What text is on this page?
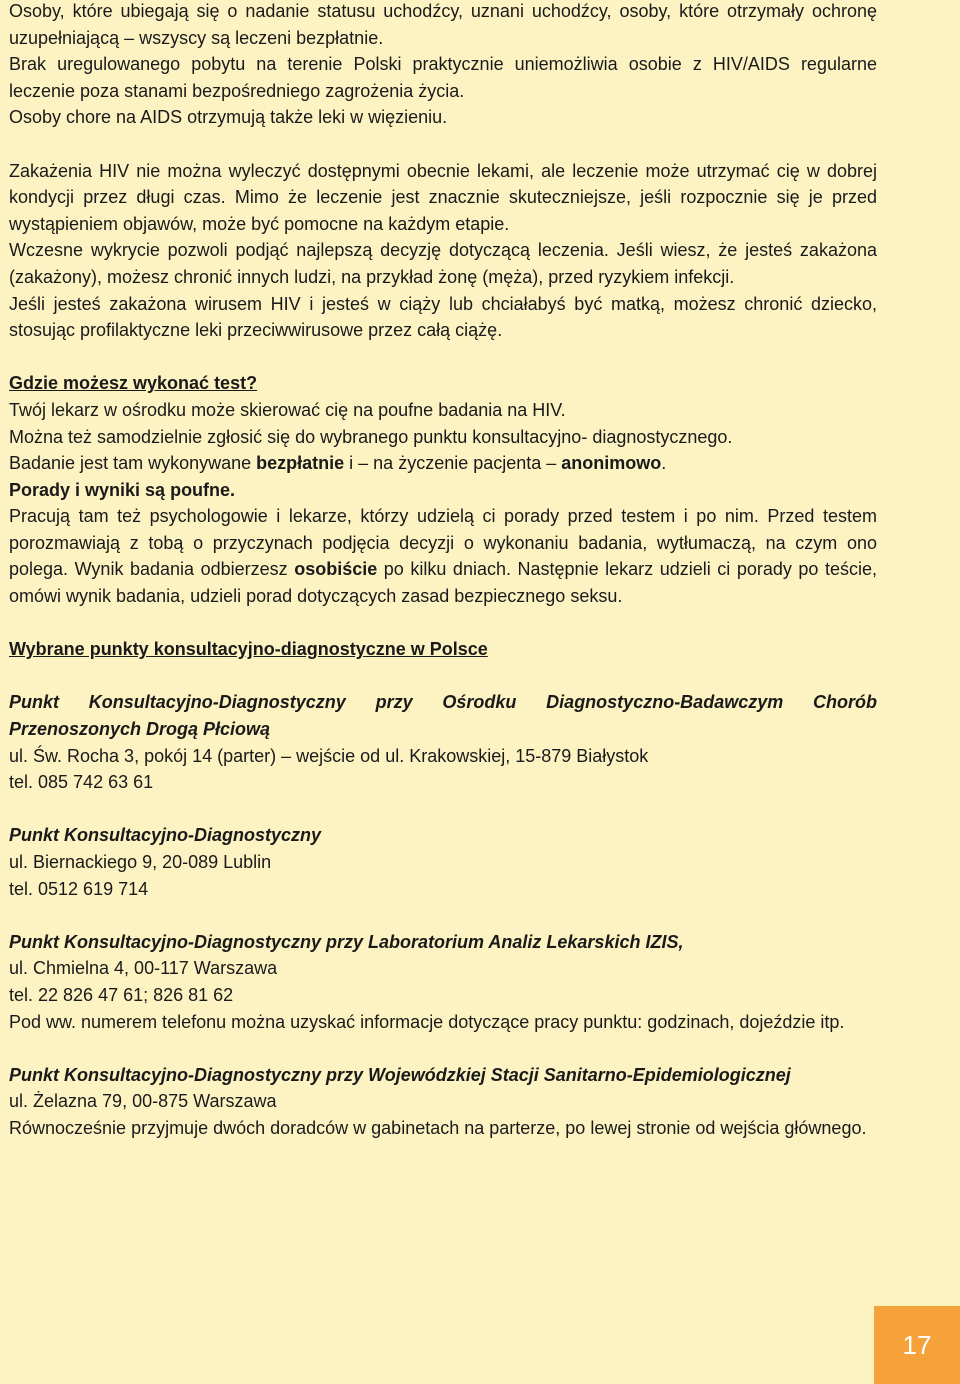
Osoby, które ubiegają się o nadanie statusu uchodźcy, uznani uchodźcy, osoby, które otrzymały ochronę uzupełniającą – wszyscy są leczeni bezpłatnie.

Brak uregulowanego pobytu na terenie Polski praktycznie uniemożliwia osobie z HIV/AIDS regularne leczenie poza stanami bezpośredniego zagrożenia życia.

Osoby chore na AIDS otrzymują także leki w więzieniu.

Zakażenia HIV nie można wyleczyć dostępnymi obecnie lekami, ale leczenie może utrzymać cię w dobrej kondycji przez długi czas. Mimo że leczenie jest znacznie skuteczniejsze, jeśli rozpocznie się je przed wystąpieniem objawów, może być pomocne na każdym etapie.

Wczesne wykrycie pozwoli podjąć najlepszą decyzję dotyczącą leczenia. Jeśli wiesz, że jesteś zakażona (zakażony), możesz chronić innych ludzi, na przykład żonę (męża), przed ryzykiem infekcji.

Jeśli jesteś zakażona wirusem HIV i jesteś w ciąży lub chciałabyś być matką, możesz chronić dziecko, stosując profilaktyczne leki przeciwwirusowe przez całą ciążę.

Gdzie możesz wykonać test?

Twój lekarz w ośrodku może skierować cię na poufne badania na HIV.

Można też samodzielnie zgłosić się do wybranego punktu konsultacyjno- diagnostycznego.

Badanie jest tam wykonywane bezpłatnie i – na życzenie pacjenta – anonimowo.

Porady i wyniki są poufne.

Pracują tam też psychologowie i lekarze, którzy udzielą ci porady przed testem i po nim. Przed testem porozmawiają z tobą o przyczynach podjęcia decyzji o wykonaniu badania, wytłumaczą, na czym ono polega. Wynik badania odbierzesz osobiście po kilku dniach. Następnie lekarz udzieli ci porady po teście, omówi wynik badania, udzieli porad dotyczących zasad bezpiecznego seksu.

Wybrane punkty konsultacyjno-diagnostyczne w Polsce

Punkt Konsultacyjno-Diagnostyczny przy Ośrodku Diagnostyczno-Badawczym Chorób Przenoszonych Drogą Płciową

ul. Św. Rocha 3, pokój 14 (parter) – wejście od ul. Krakowskiej, 15-879 Białystok

tel. 085 742 63 61

Punkt Konsultacyjno-Diagnostyczny

ul. Biernackiego 9, 20-089 Lublin

tel. 0512 619 714

Punkt Konsultacyjno-Diagnostyczny przy Laboratorium Analiz Lekarskich IZIS,

ul. Chmielna 4, 00-117 Warszawa

tel. 22 826 47 61; 826 81 62

Pod ww. numerem telefonu można uzyskać informacje dotyczące pracy punktu: godzinach, dojeździe itp.

Punkt Konsultacyjno-Diagnostyczny przy Wojewódzkiej Stacji Sanitarno-Epidemiologicznej

ul. Żelazna 79, 00-875 Warszawa

Równocześnie przyjmuje dwóch doradców w gabinetach na parterze, po lewej stronie od wejścia głównego.

17
